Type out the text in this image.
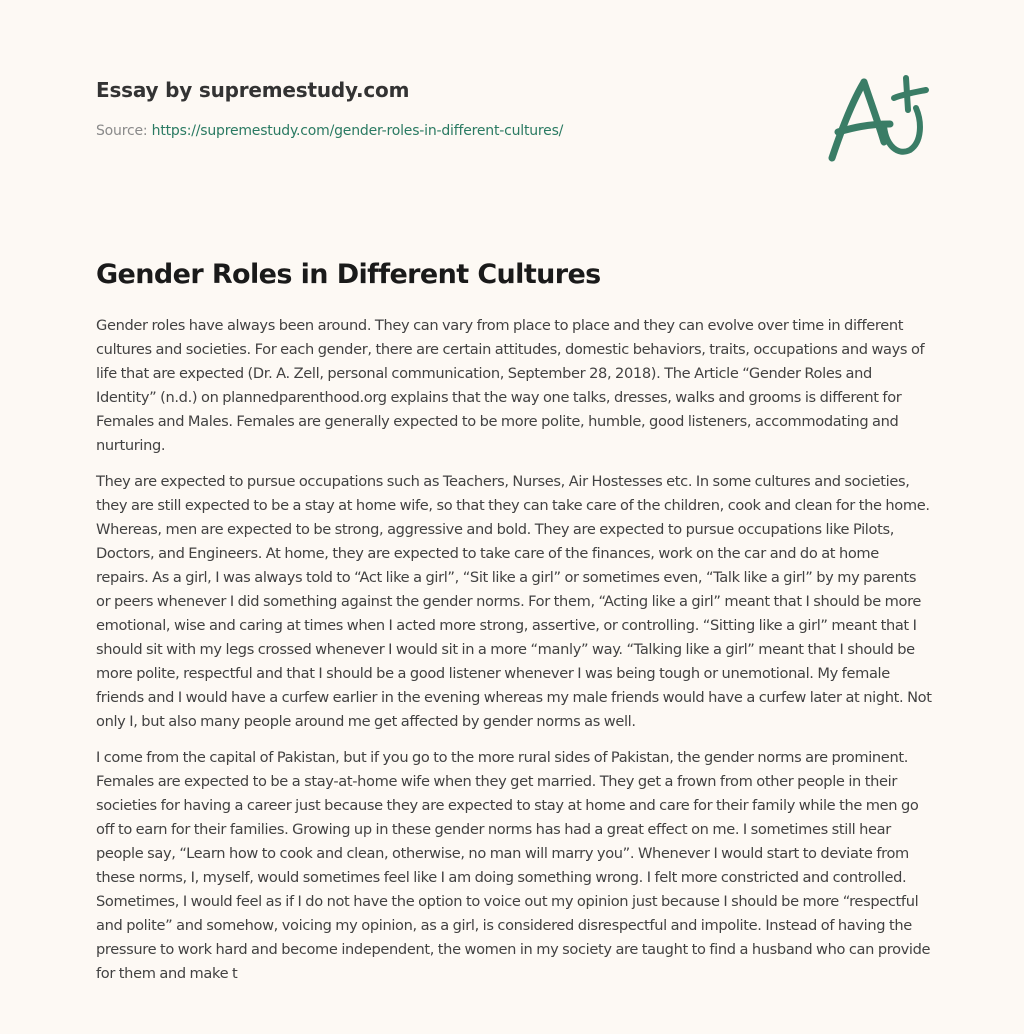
Essay by supremestudy.com
Source: https://supremestudy.com/gender-roles-in-different-cultures/
Gender Roles in Different Cultures

Gender roles have always been around. They can vary from place to place and they can evolve over time in different cultures and societies. For each gender, there are certain attitudes, domestic behaviors, traits, occupations and ways of life that are expected (Dr. A. Zell, personal communication, September 28, 2018). The Article “Gender Roles and Identity” (n.d.) on plannedparenthood.org explains that the way one talks, dresses, walks and grooms is different for Females and Males. Females are generally expected to be more polite, humble, good listeners, accommodating and nurturing.

They are expected to pursue occupations such as Teachers, Nurses, Air Hostesses etc. In some cultures and societies, they are still expected to be a stay at home wife, so that they can take care of the children, cook and clean for the home. Whereas, men are expected to be strong, aggressive and bold. They are expected to pursue occupations like Pilots, Doctors, and Engineers. At home, they are expected to take care of the finances, work on the car and do at home repairs. As a girl, I was always told to “Act like a girl”, “Sit like a girl” or sometimes even, “Talk like a girl” by my parents or peers whenever I did something against the gender norms. For them, “Acting like a girl” meant that I should be more emotional, wise and caring at times when I acted more strong, assertive, or controlling. “Sitting like a girl” meant that I should sit with my legs crossed whenever I would sit in a more “manly” way. “Talking like a girl” meant that I should be more polite, respectful and that I should be a good listener whenever I was being tough or unemotional. My female friends and I would have a curfew earlier in the evening whereas my male friends would have a curfew later at night. Not only I, but also many people around me get affected by gender norms as well.

I come from the capital of Pakistan, but if you go to the more rural sides of Pakistan, the gender norms are prominent. Females are expected to be a stay-at-home wife when they get married. They get a frown from other people in their societies for having a career just because they are expected to stay at home and care for their family while the men go off to earn for their families. Growing up in these gender norms has had a great effect on me. I sometimes still hear people say, “Learn how to cook and clean, otherwise, no man will marry you”. Whenever I would start to deviate from these norms, I, myself, would sometimes feel like I am doing something wrong. I felt more constricted and controlled. Sometimes, I would feel as if I do not have the option to voice out my opinion just because I should be more “respectful and polite” and somehow, voicing my opinion, as a girl, is considered disrespectful and impolite. Instead of having the pressure to work hard and become independent, the women in my society are taught to find a husband who can provide for them and make t
